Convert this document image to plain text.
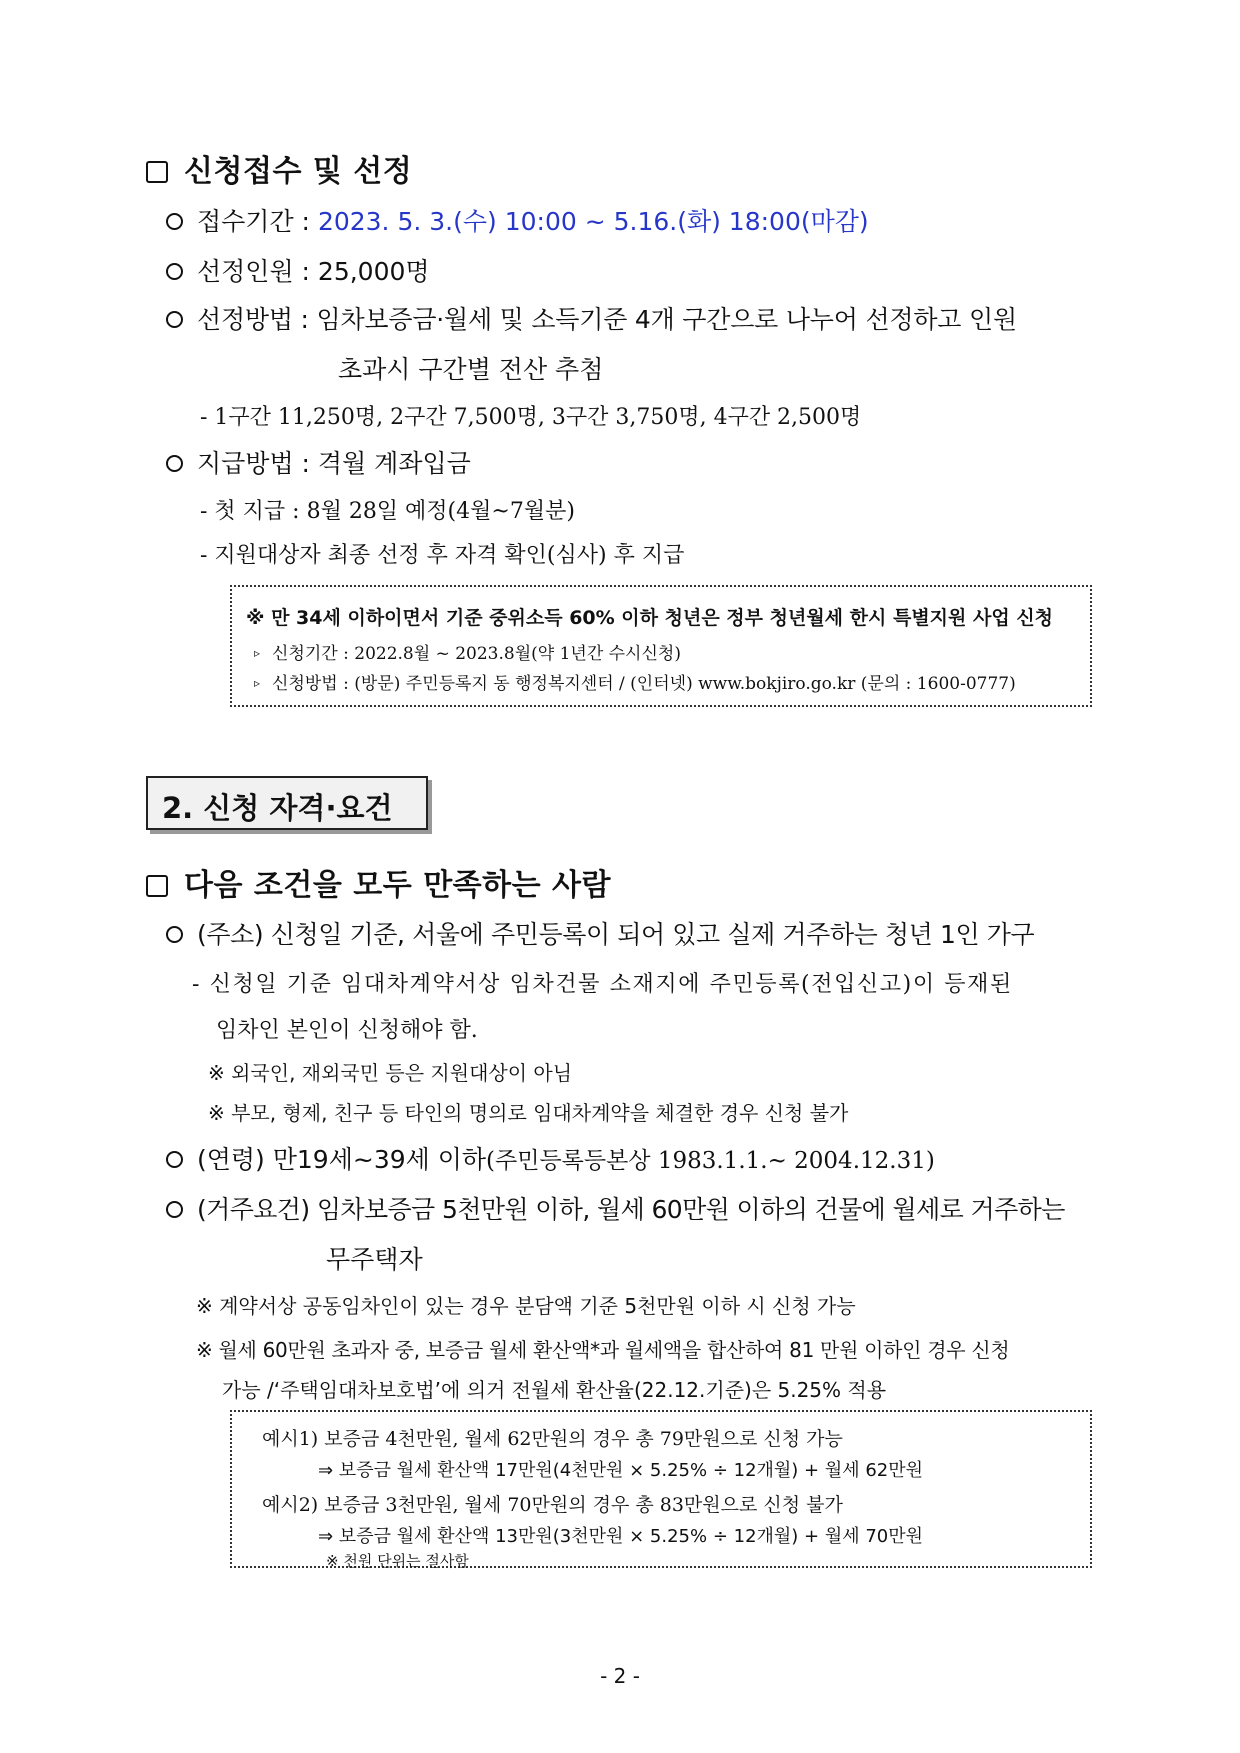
신청접수 및 선정
접수기간 : 2023. 5. 3.(수) 10:00 ~ 5.16.(화) 18:00(마감)
선정인원 : 25,000명
선정방법 : 임차보증금·월세 및 소득기준 4개 구간으로 나누어 선정하고 인원
초과시 구간별 전산 추첨
- 1구간 11,250명, 2구간 7,500명, 3구간 3,750명, 4구간 2,500명
지급방법 : 격월 계좌입금
- 첫 지급 : 8월 28일 예정(4월~7월분)
- 지원대상자 최종 선정 후 자격 확인(심사) 후 지급
※ 만 34세 이하이면서 기준 중위소득 60% 이하 청년은 정부 청년월세 한시 특별지원 사업 신청
▹ 신청기간 : 2022.8월 ~ 2023.8월(약 1년간 수시신청)
▹ 신청방법 : (방문) 주민등록지 동 행정복지센터 / (인터넷) www.bokjiro.go.kr (문의 : 1600-0777)
2. 신청 자격·요건
다음 조건을 모두 만족하는 사람
(주소) 신청일 기준, 서울에 주민등록이 되어 있고 실제 거주하는 청년 1인 가구
- 신청일 기준 임대차계약서상 임차건물 소재지에 주민등록(전입신고)이 등재된
임차인 본인이 신청해야 함.
※ 외국인, 재외국민 등은 지원대상이 아님
※ 부모, 형제, 친구 등 타인의 명의로 임대차계약을 체결한 경우 신청 불가
(연령) 만19세~39세 이하(주민등록등본상 1983.1.1.~ 2004.12.31)
(거주요건) 임차보증금 5천만원 이하, 월세 60만원 이하의 건물에 월세로 거주하는
무주택자
※ 계약서상 공동임차인이 있는 경우 분담액 기준 5천만원 이하 시 신청 가능
※ 월세 60만원 초과자 중, 보증금 월세 환산액*과 월세액을 합산하여 81 만원 이하인 경우 신청
가능 /‘주택임대차보호법’에 의거 전월세 환산율(22.12.기준)은 5.25% 적용
예시1) 보증금 4천만원, 월세 62만원의 경우 총 79만원으로 신청 가능
⇒ 보증금 월세 환산액 17만원(4천만원 × 5.25% ÷ 12개월) + 월세 62만원
예시2) 보증금 3천만원, 월세 70만원의 경우 총 83만원으로 신청 불가
⇒ 보증금 월세 환산액 13만원(3천만원 × 5.25% ÷ 12개월) + 월세 70만원
※ 천원 단위는 절사함
- 2 -
